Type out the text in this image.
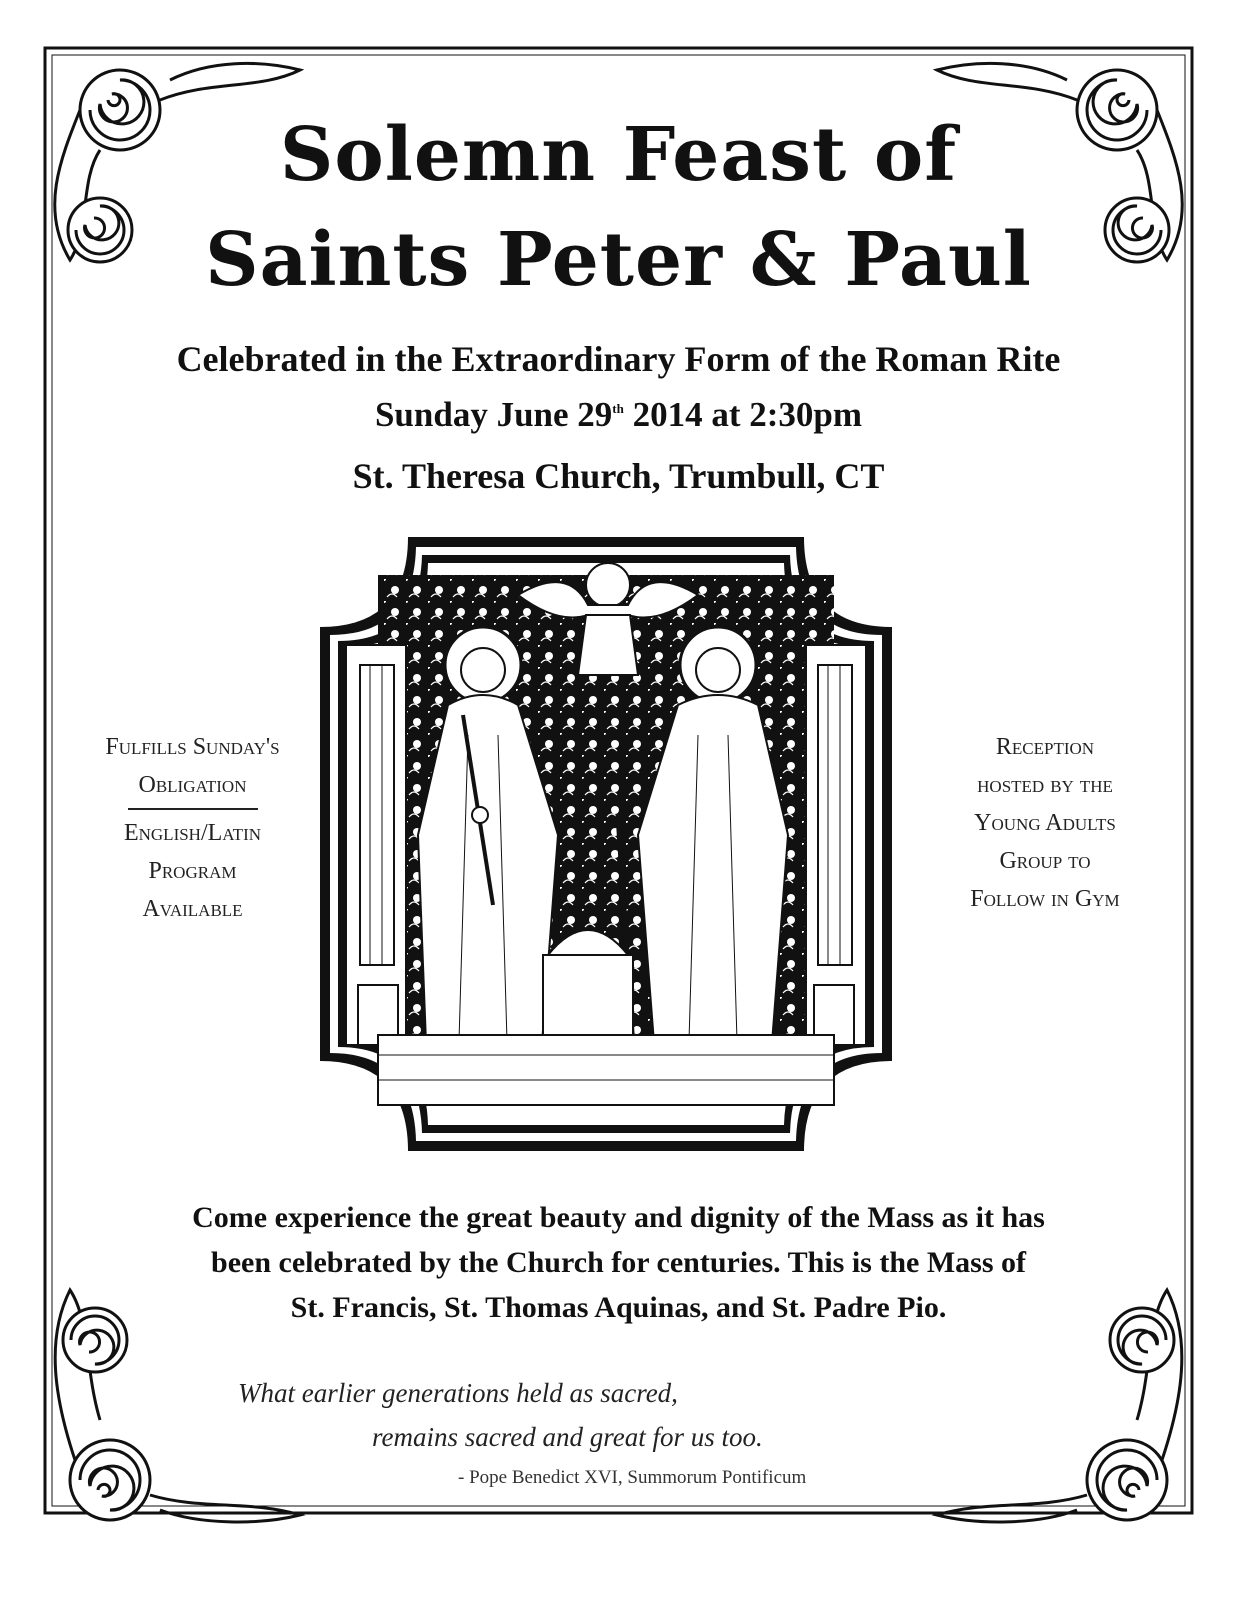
Solemn Feast of
Saints Peter & Paul
Celebrated in the Extraordinary Form of the Roman Rite
Sunday June 29th 2014 at 2:30pm
St. Theresa Church, Trumbull, CT
Fulfills Sunday's
Obligation
English/Latin
Program
Available
Reception
hosted by the
Young Adults
Group to
Follow in Gym
Come experience the great beauty and dignity of the Mass as it has
been celebrated by the Church for centuries. This is the Mass of
St. Francis, St. Thomas Aquinas, and St. Padre Pio.
What earlier generations held as sacred,
remains sacred and great for us too.
- Pope Benedict XVI, Summorum Pontificum
